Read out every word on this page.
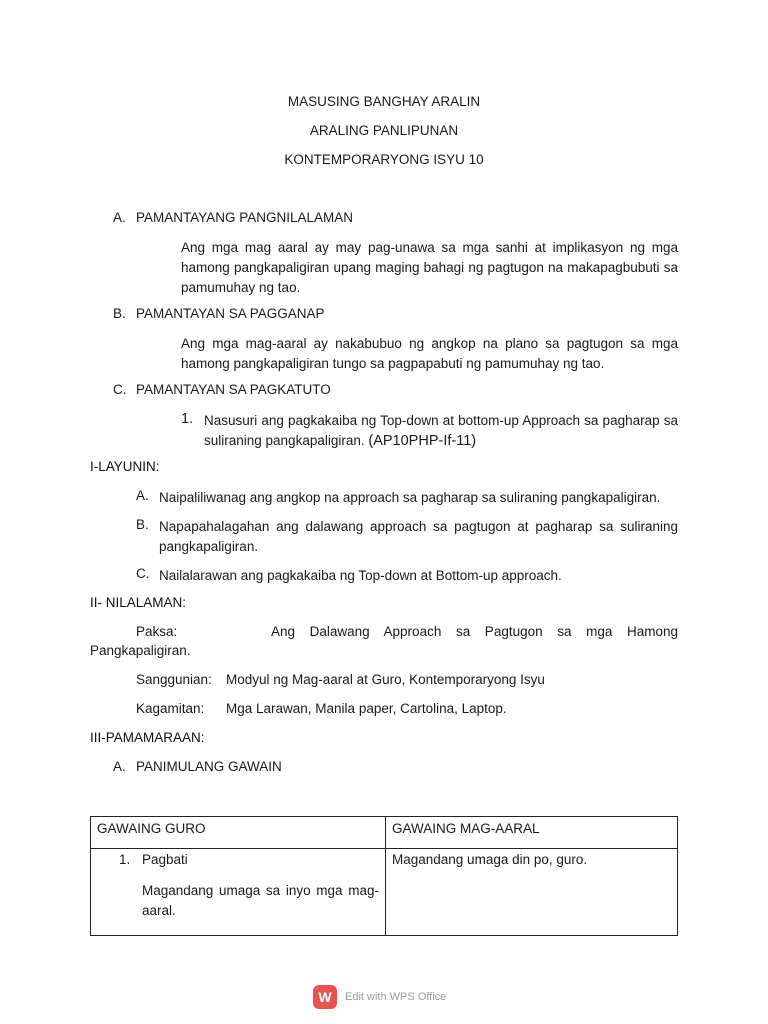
MASUSING BANGHAY ARALIN
ARALING PANLIPUNAN
KONTEMPORARYONG ISYU 10
A. PAMANTAYANG PANGNILALAMAN
Ang mga mag aaral ay may pag-unawa sa mga sanhi at implikasyon ng mga hamong pangkapaligiran upang maging bahagi ng pagtugon na makapagbubuti sa pamumuhay ng tao.
B. PAMANTAYAN SA PAGGANAP
Ang mga mag-aaral ay nakabubuo ng angkop na plano sa pagtugon sa mga hamong pangkapaligiran tungo sa pagpapabuti ng pamumuhay ng tao.
C. PAMANTAYAN SA PAGKATUTO
1. Nasusuri ang pagkakaiba ng Top-down at bottom-up Approach sa pagharap sa suliraning pangkapaligiran. (AP10PHP-If-11)
I-LAYUNIN:
A. Naipaliliwanag ang angkop na approach sa pagharap sa suliraning pangkapaligiran.
B. Napapahalagahan ang dalawang approach sa pagtugon at pagharap sa suliraning pangkapaligiran.
C. Nailalarawan ang pagkakaiba ng Top-down at Bottom-up approach.
II- NILALAMAN:
Paksa:	Ang Dalawang Approach sa Pagtugon sa mga Hamong
Pangkapaligiran.
Sanggunian: Modyul ng Mag-aaral at Guro, Kontemporaryong Isyu
Kagamitan: Mga Larawan, Manila paper, Cartolina, Laptop.
III-PAMAMARAAN:
A. PANIMULANG GAWAIN
GAWAING GURO	GAWAING MAG-AARAL

1. Pagbati
Magandang umaga sa inyo mga mag-aaral.	Magandang umaga din po, guro.
W	Edit with WPS Office
